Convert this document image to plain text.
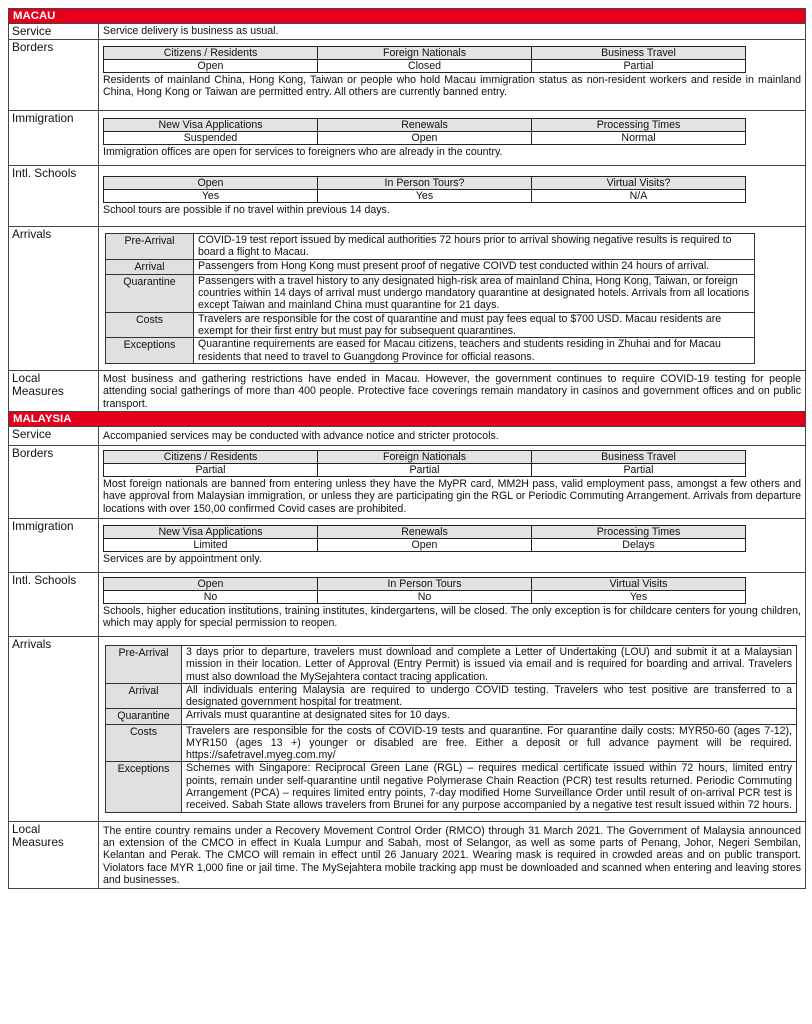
MACAU
Service	Service delivery is business as usual.
Borders	Citizens / Residents	Foreign Nationals	Business Travel
Open	Closed	Partial
Residents of mainland China, Hong Kong, Taiwan or people who hold Macau immigration status as non-resident workers and reside in mainland China, Hong Kong or Taiwan are permitted entry. All others are currently banned entry.
Immigration	New Visa Applications	Renewals	Processing Times
Suspended	Open	Normal
Immigration offices are open for services to foreigners who are already in the country.
Intl. Schools
Open	In Person Tours?	Virtual Visits?
Yes	Yes	N/A
School tours are possible if no travel within previous 14 days.
Arrivals	Pre-Arrival	COVID-19 test report issued by medical authorities 72 hours prior to arrival showing negative results is required to board a flight to Macau.
Arrival	Passengers from Hong Kong must present proof of negative COIVD test conducted within 24 hours of arrival.
Quarantine	Passengers with a travel history to any designated high-risk area of mainland China, Hong Kong, Taiwan, or foreign countries within 14 days of arrival must undergo mandatory quarantine at designated hotels. Arrivals from all locations except Taiwan and mainland China must quarantine for 21 days.
Costs	Travelers are responsible for the cost of quarantine and must pay fees equal to $700 USD. Macau residents are exempt for their first entry but must pay for subsequent quarantines.
Exceptions	Quarantine requirements are eased for Macau citizens, teachers and students residing in Zhuhai and for Macau residents that need to travel to Guangdong Province for official reasons.
Local Measures
Most business and gathering restrictions have ended in Macau. However, the government continues to require COVID-19 testing for people attending social gatherings of more than 400 people. Protective face coverings remain mandatory in casinos and government offices and on public transport.
MALAYSIA
Service	Accompanied services may be conducted with advance notice and stricter protocols.
Borders	Citizens / Residents	Foreign Nationals	Business Travel
Partial	Partial	Partial
Most foreign nationals are banned from entering unless they have the MyPR card, MM2H pass, valid employment pass, amongst a few others and have approval from Malaysian immigration, or unless they are participating gin the RGL or Periodic Commuting Arrangement. Arrivals from departure locations with over 150,00 confirmed Covid cases are prohibited.
Immigration	New Visa Applications	Renewals	Processing Times
Limited	Open	Delays
Services are by appointment only.
Intl. Schools	Open	In Person Tours	Virtual Visits
No	No	Yes
Schools, higher education institutions, training institutes, kindergartens, will be closed. The only exception is for childcare centers for young children, which may apply for special permission to reopen.
Arrivals
Pre-Arrival	3 days prior to departure, travelers must download and complete a Letter of Undertaking (LOU) and submit it at a Malaysian mission in their location. Letter of Approval (Entry Permit) is issued via email and is required for boarding and arrival. Travelers must also download the MySejahtera contact tracing application.
Arrival	All individuals entering Malaysia are required to undergo COVID testing. Travelers who test positive are transferred to a designated government hospital for treatment.
Quarantine	Arrivals must quarantine at designated sites for 10 days.
Costs	Travelers are responsible for the costs of COVID-19 tests and quarantine. For quarantine daily costs: MYR50-60 (ages 7-12), MYR150 (ages 13 +) younger or disabled are free. Either a deposit or full advance payment will be required. https://safetravel.myeg.com.my/
Exceptions	Schemes with Singapore: Reciprocal Green Lane (RGL) – requires medical certificate issued within 72 hours, limited entry points, remain under self-quarantine until negative Polymerase Chain Reaction (PCR) test results returned. Periodic Commuting Arrangement (PCA) – requires limited entry points, 7-day modified Home Surveillance Order until result of on-arrival PCR test is received. Sabah State allows travelers from Brunei for any purpose accompanied by a negative test result issued within 72 hours.
Local Measures
The entire country remains under a Recovery Movement Control Order (RMCO) through 31 March 2021. The Government of Malaysia announced an extension of the CMCO in effect in Kuala Lumpur and Sabah, most of Selangor, as well as some parts of Penang, Johor, Negeri Sembilan, Kelantan and Perak. The CMCO will remain in effect until 26 January 2021. Wearing mask is required in crowded areas and on public transport. Violators face MYR 1,000 fine or jail time. The MySejahtera mobile tracking app must be downloaded and scanned when entering and leaving stores and businesses.
